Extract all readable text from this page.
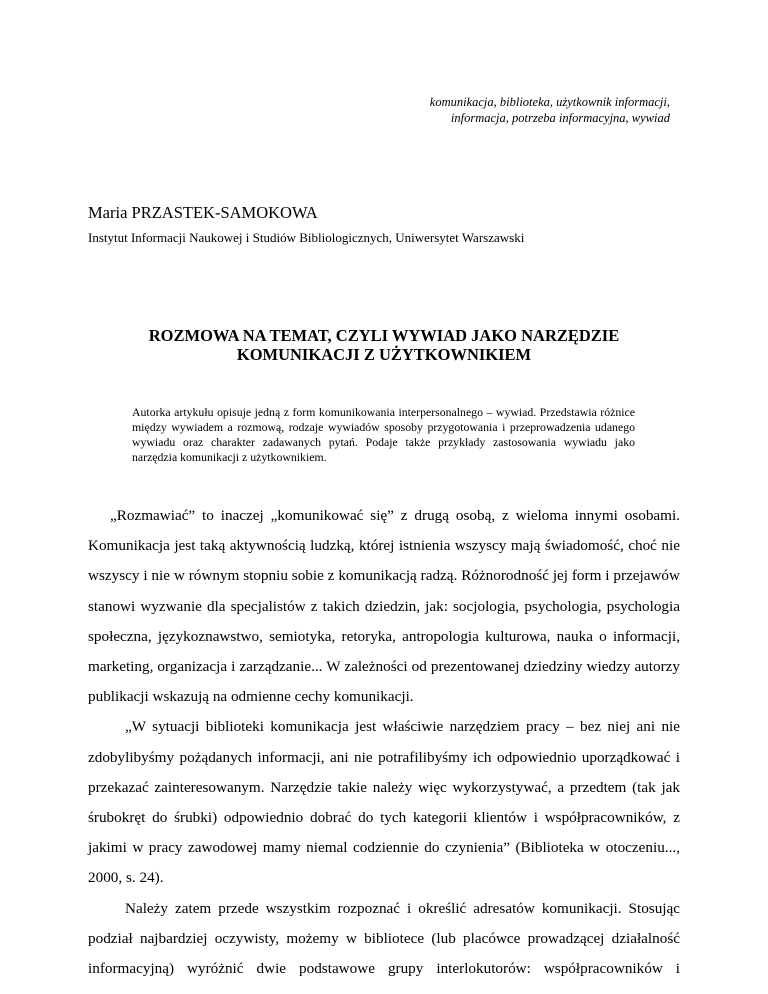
komunikacja, biblioteka, użytkownik informacji,
informacja, potrzeba informacyjna, wywiad
Maria PRZASTEK-SAMOKOWA
Instytut Informacji Naukowej i Studiów Bibliologicznych, Uniwersytet Warszawski
ROZMOWA NA TEMAT, CZYLI WYWIAD JAKO NARZĘDZIE
KOMUNIKACJI Z UŻYTKOWNIKIEM
Autorka artykułu opisuje jedną z form komunikowania interpersonalnego – wywiad. Przedstawia różnice między wywiadem a rozmową, rodzaje wywiadów sposoby przygotowania i przeprowadzenia udanego wywiadu oraz charakter zadawanych pytań. Podaje także przykłady zastosowania wywiadu jako narzędzia komunikacji z użytkownikiem.

„Rozmawiać” to inaczej „komunikować się” z drugą osobą, z wieloma innymi osobami. Komunikacja jest taką aktywnością ludzką, której istnienia wszyscy mają świadomość, choć nie wszyscy i nie w równym stopniu sobie z komunikacją radzą. Różnorodność jej form i przejawów stanowi wyzwanie dla specjalistów z takich dziedzin, jak: socjologia, psychologia, psychologia społeczna, językoznawstwo, semiotyka, retoryka, antropologia kulturowa, nauka o informacji, marketing, organizacja i zarządzanie... W zależności od prezentowanej dziedziny wiedzy autorzy publikacji wskazują na odmienne cechy komunikacji.

„W sytuacji biblioteki komunikacja jest właściwie narzędziem pracy – bez niej ani nie zdobylibyśmy pożądanych informacji, ani nie potrafilibyśmy ich odpowiednio uporządkować i przekazać zainteresowanym. Narzędzie takie należy więc wykorzystywać, a przedtem (tak jak śrubokręt do śrubki) odpowiednio dobrać do tych kategorii klientów i współpracowników, z jakimi w pracy zawodowej mamy niemal codziennie do czynienia” (Biblioteka w otoczeniu..., 2000, s. 24).

Należy zatem przede wszystkim rozpoznać i określić adresatów komunikacji. Stosując podział najbardziej oczywisty, możemy w bibliotece (lub placówce prowadzącej działalność informacyjną) wyróżnić dwie podstawowe grupy interlokutorów: współpracowników i
